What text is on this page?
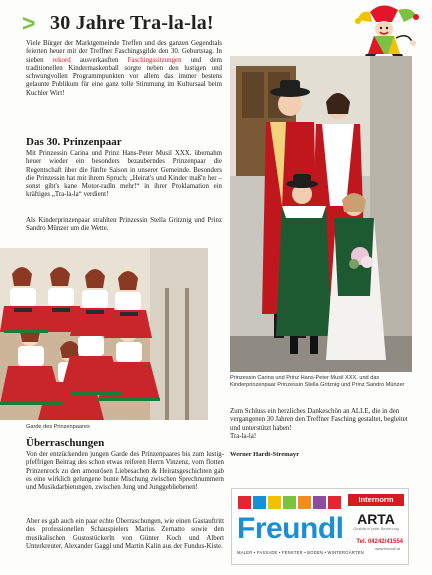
> 30 Jahre Tra-la-la!

Viele Bürger der Marktgemeinde Treffen und des ganzen Gegendtals feierten heuer mit der Treffner Faschingsgilde den 30. Geburtstag. In sieben rekord ausverkauften Faschingssitzungen und dem traditionellen Kindermaskenball sorgte neben den lustigen und schwungvollen Programmpunkten vor allem das immer bestens gelaunte Publikum für eine ganz tolle Stimmung im Kultursaal beim Kuchler Wirt!

Das 30. Prinzenpaar

Mit Prinzessin Carina und Prinz Hans-Peter Musil XXX. übernahm heuer wieder ein besonders bezauberndes Prinzenpaar die Regentschaft über die fünfte Saison in unserer Gemeinde. Besonders die Prinzessin hat mit ihrem Spruch: „Heirat's und Kinder maß'n her – sonst gibt's kane Motor-radln mehr!“ in ihrer Proklamation ein kräftiges „Tra-la-la“ verdient!

Als Kinderprinzenpaar strahlten Prinzessin Stella Gritznig und Prinz Sandro Münzer um die Wette.

Garde des Prinzenpaares
Überraschungen

Von der entzückenden jungen Garde des Prinzenpaares bis zum lustig-pfeffrigen Beitrag des schon etwas reiferen Herrn Vinzenz, vom flotten Prinzenrock zu den amourösen Liebesachen & Heiratsgeschichten gab es eine wirklich gelungene bunte Mischung zwischen Sprechnummern und Musikdarbietungen, zwischen Jung und Junggebliebenen!

Aber es gab auch ein paar echte Überraschungen, wie einen Gastauftritt des professionellen Schauspielers Marius Zernatto sowie den musikalischen Gustostückerln von Günter Koch und Albert Unterkreuter, Alexander Gaggl und Martin Kalin aus der Fundus-Kiste.

Prinzessin Carina und Prinz Hans-Peter Musil XXX. und das Kinderprinzenpaar Prinzessin Stella Gritznig und Prinz Sandro Münzer
Zum Schluss ein herzliches Dankeschön an ALLE, die in den vergangenen 30 Jahren den Treffner Fasching gestaltet, begleitet und unterstützt haben!
Tra-la-la!
Werner Hardt-Stremayr
Internorm
Freundl ARTA
Qualität in jeder Beziehung
Tel. 04242/41554
www.freundl.at
MALER • FASSADE • FENSTER • BODEN • WINTERGÄRTEN
